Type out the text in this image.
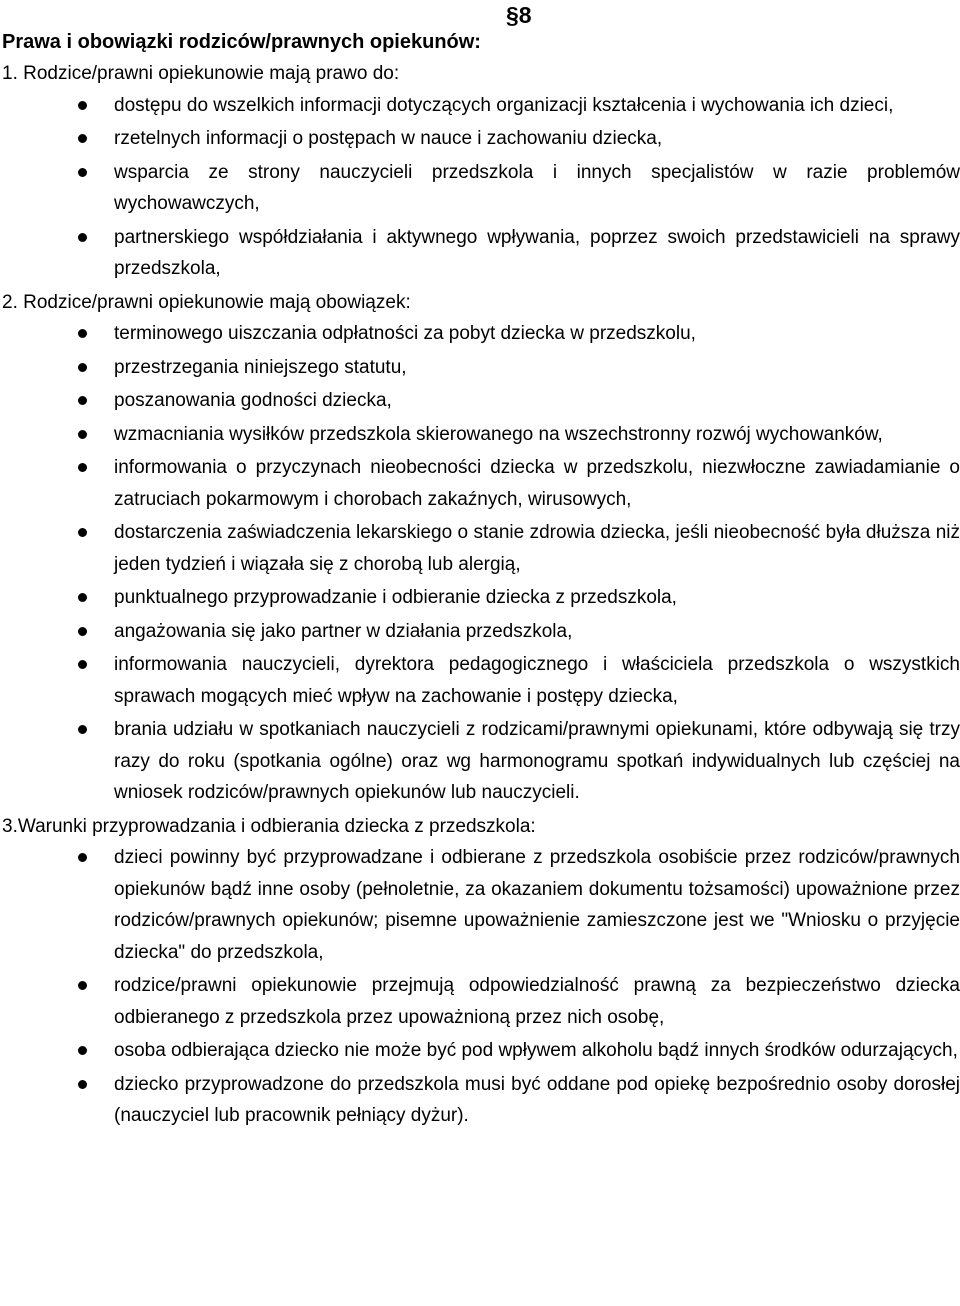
§8
Prawa i obowiązki rodziców/prawnych opiekunów:
1. Rodzice/prawni opiekunowie mają prawo do:
dostępu do wszelkich informacji dotyczących organizacji kształcenia i wychowania ich dzieci,
rzetelnych informacji o postępach w nauce i zachowaniu dziecka,
wsparcia ze strony nauczycieli przedszkola i innych specjalistów w razie problemów wychowawczych,
partnerskiego współdziałania i aktywnego wpływania, poprzez swoich przedstawicieli na sprawy przedszkola,
2. Rodzice/prawni opiekunowie mają obowiązek:
terminowego uiszczania odpłatności za pobyt dziecka w przedszkolu,
przestrzegania niniejszego statutu,
poszanowania godności dziecka,
wzmacniania wysiłków przedszkola skierowanego na wszechstronny rozwój wychowanków,
informowania o przyczynach nieobecności dziecka w przedszkolu, niezwłoczne zawiadamianie o zatruciach pokarmowym i chorobach zakaźnych, wirusowych,
dostarczenia zaświadczenia lekarskiego o stanie zdrowia dziecka, jeśli nieobecność była dłuższa niż jeden tydzień i wiązała się z chorobą lub alergią,
punktualnego przyprowadzanie i odbieranie dziecka z przedszkola,
angażowania się jako partner w działania przedszkola,
informowania nauczycieli, dyrektora pedagogicznego i właściciela przedszkola o wszystkich sprawach mogących mieć wpływ na zachowanie i postępy dziecka,
brania udziału w spotkaniach nauczycieli z rodzicami/prawnymi opiekunami, które odbywają się trzy razy do roku (spotkania ogólne) oraz wg harmonogramu spotkań indywidualnych lub częściej na wniosek rodziców/prawnych opiekunów lub nauczycieli.
3.Warunki przyprowadzania i odbierania dziecka z przedszkola:
dzieci powinny być przyprowadzane i odbierane z przedszkola osobiście przez rodziców/prawnych opiekunów bądź inne osoby (pełnoletnie, za okazaniem dokumentu tożsamości) upoważnione przez rodziców/prawnych opiekunów; pisemne upoważnienie zamieszczone jest we "Wniosku o przyjęcie dziecka" do przedszkola,
rodzice/prawni opiekunowie przejmują odpowiedzialność prawną za bezpieczeństwo dziecka odbieranego z przedszkola przez upoważnioną przez nich osobę,
osoba odbierająca dziecko nie może być pod wpływem alkoholu bądź innych środków odurzających,
dziecko przyprowadzone do przedszkola musi być oddane pod opiekę bezpośrednio osoby dorosłej (nauczyciel lub pracownik pełniący dyżur).
